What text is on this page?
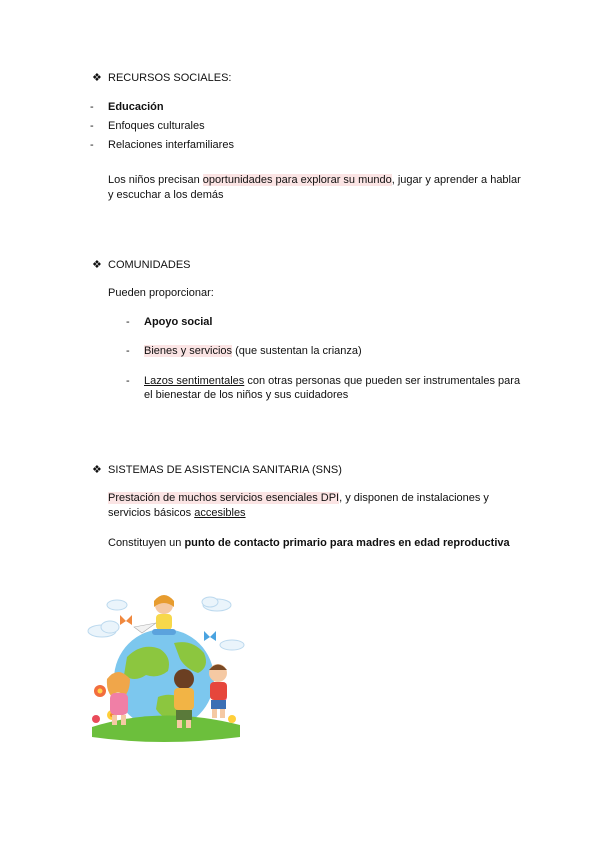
❖ RECURSOS SOCIALES:
- Educación
- Enfoques culturales
- Relaciones interfamiliares
Los niños precisan oportunidades para explorar su mundo, jugar y aprender a hablar
y escuchar a los demás
❖ COMUNIDADES
Pueden proporcionar:
- Apoyo social
- Bienes y servicios (que sustentan la crianza)
- Lazos sentimentales con otras personas que pueden ser instrumentales para
el bienestar de los niños y sus cuidadores
❖ SISTEMAS DE ASISTENCIA SANITARIA (SNS)
Prestación de muchos servicios esenciales DPI, y disponen de instalaciones y
servicios básicos accesibles
Constituyen un punto de contacto primario para madres en edad reproductiva
